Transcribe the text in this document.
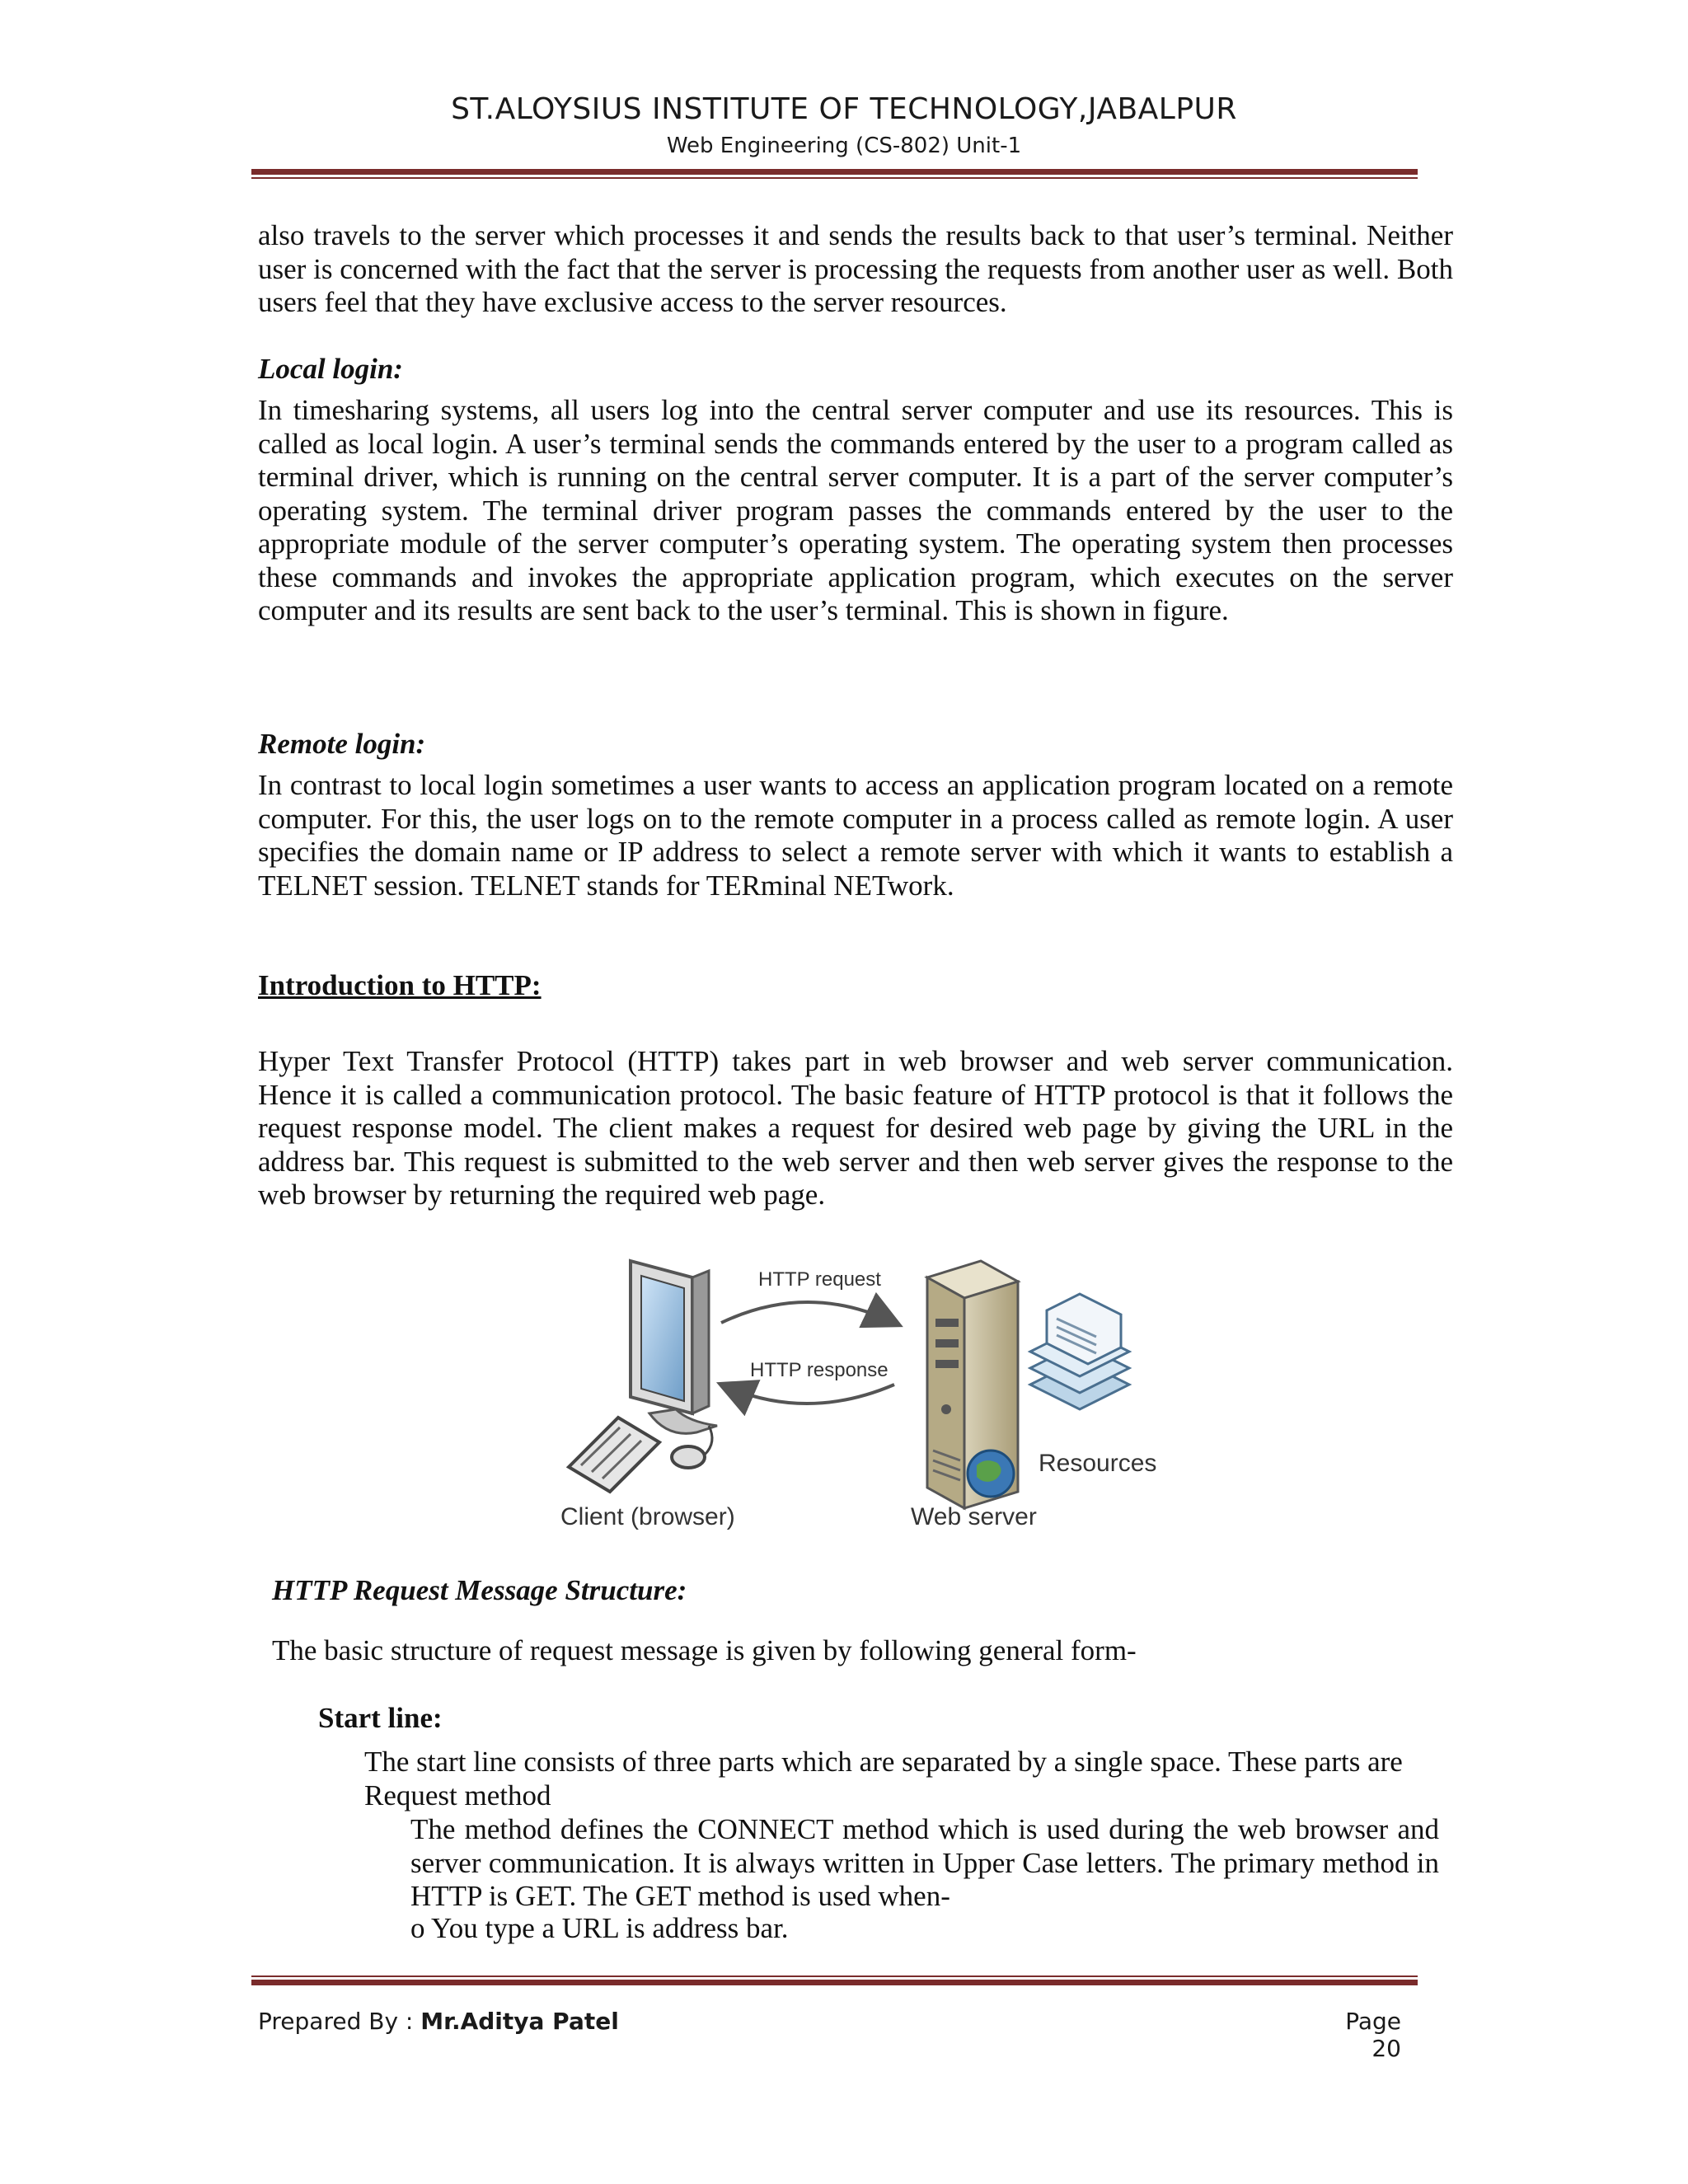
ST.ALOYSIUS INSTITUTE OF TECHNOLOGY,JABALPUR
Web Engineering (CS-802) Unit-1
also travels to the server which processes it and sends the results back to that user’s terminal. Neither user is concerned with the fact that the server is processing the requests from another user as well. Both users feel that they have exclusive access to the server resources.
Local login:
In timesharing systems, all users log into the central server computer and use its resources. This is called as local login. A user’s terminal sends the commands entered by the user to a program called as terminal driver, which is running on the central server computer. It is a part of the server computer’s operating system. The terminal driver program passes the commands entered by the user to the appropriate module of the server computer’s operating system. The operating system then processes these commands and invokes the appropriate application program, which executes on the server computer and its results are sent back to the user’s terminal. This is shown in figure.
Remote login:
In contrast to local login sometimes a user wants to access an application program located on a remote computer. For this, the user logs on to the remote computer in a process called as remote login. A user specifies the domain name or IP address to select a remote server with which it wants to establish a TELNET session. TELNET stands for TERminal NETwork.
Introduction to HTTP:
Hyper Text Transfer Protocol (HTTP) takes part in web browser and web server communication. Hence it is called a communication protocol. The basic feature of HTTP protocol is that it follows the request response model. The client makes a request for desired web page by giving the URL in the address bar. This request is submitted to the web server and then web server gives the response to the web browser by returning the required web page.
HTTP request
HTTP response
Client (browser)	Web server
Resources
HTTP Request Message Structure:
The basic structure of request message is given by following general form-
Start line:
The start line consists of three parts which are separated by a single space. These parts are Request method
The method defines the CONNECT method which is used during the web browser and server communication. It is always written in Upper Case letters. The primary method in HTTP is GET. The GET method is used when-
o You type a URL is address bar.
Prepared By : Mr.Aditya Patel	Page 20
